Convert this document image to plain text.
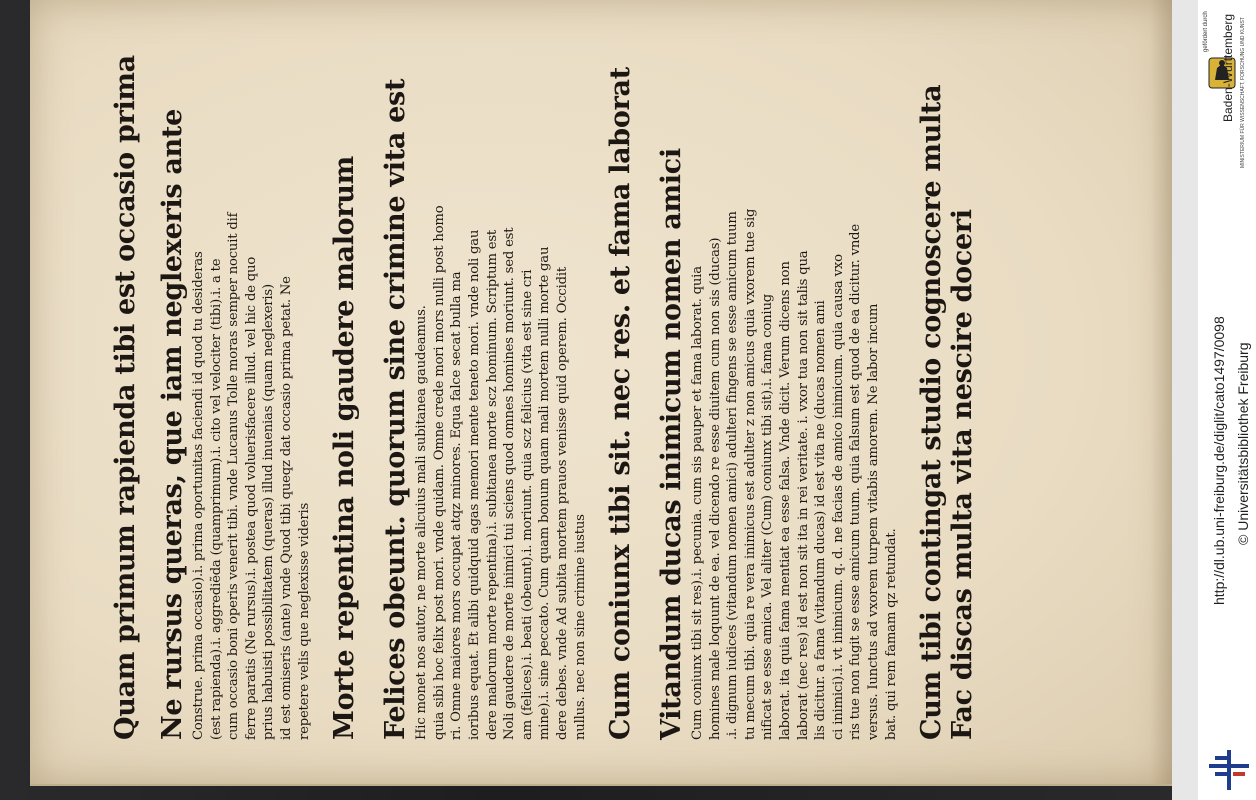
Quam primum rapienda tibi est occasio prima Ne rursus queras, que iam neglexeris ante Construe. prima occasio).i. prima oportunitas faciendi id quod tu desideras
(est rapienda).i. aggrediẽda (quamprimum).i. cito vel velociter (tibi).i. a te
cum occasio boni operis venerit tibi. vnde Lucanus Tolle moras semper nocuit dif
ferre paratis (Ne rursus).i. postea quod voluerisfacere illud. vel hic de quo
prius habuisti possibilitatem (queras) illud inuenias (quam neglexeris)
id est omiseris (ante) vnde Quod tibi queqz dat occasio prima petat. Ne
repetere velis que neglexisse videris Morte repentina noli gaudere malorum Felices obeunt. quorum sine crimine vita est Hic monet nos autor, ne morte alicuius mali subitanea gaudeamus.
quia sibi hoc felix post mori. vnde quidam. Omne crede mori mors nulli post homo
ri. Omne maiores mors occupat atqz minores. Equa falce secat bulla ma
ioribus equat. Et alibi quidquid agas memori mente teneto mori. vnde noli gau
dere malorum morte repentina).i. subitanea morte scz hominum. Scriptum est
Noli gaudere de morte inimici tui sciens quod omnes homines moriunt. sed est
am (felices).i. beati (obeunt).i. moriunt. quia scz felicius (vita est sine cri
mine).i. sine peccato. Cum quam bonum quam mali mortem nulli morte gau
dere debes. vnde Ad subita mortem prauos venisse quid operem. Occidit
nullus. nec non sine crimine iustus Cum coniunx tibi sit. nec res. et fama laborat Vitandum ducas inimicum nomen amici Cum coniunx tibi sit res).i. pecunia. cum sis pauper et fama laborat. quia
homines male loquunt de ea. vel dicendo re esse diuitem cum non sis (ducas)
.i. dignum iudices (vitandum nomen amici) adulteri fingens se esse amicum tuum
tu mecum tibi. quia re vera inimicus est adulter z non amicus quia vxorem tue sig
nificat se esse amica. Vel aliter (Cum) coniunx tibi sit).i. fama coniug
laborat. ita quia fama mentiat ea esse falsa. Vnde dicit. Verum dicens non
laborat (nec res) id est non sit ita in rei veritate. i. vxor tua non sit talis qua
lis dicitur. a fama (vitandum ducas) id est vita ne (ducas nomen ami
ci inimici).i. vt inimicum. q. d. ne facias de amico inimicum. quia causa vxo
ris tue non fugit se esse amicum tuum. quia falsum est quod de ea dicitur. vnde
versus. Iunctus ad vxorem turpem vitabis amorem. Ne labor incum
bat. qui rem famam qz retundat. Cum tibi contingat studio cognoscere multa Fac discas multa vita nescire doceri

gefördert durch Baden-Württemberg MINISTERIUM FÜR WISSENSCHAFT, FORSCHUNG UND KUNST
http://dl.ub.uni-freiburg.de/diglit/cato1497/0098 © Universitätsbibliothek Freiburg
